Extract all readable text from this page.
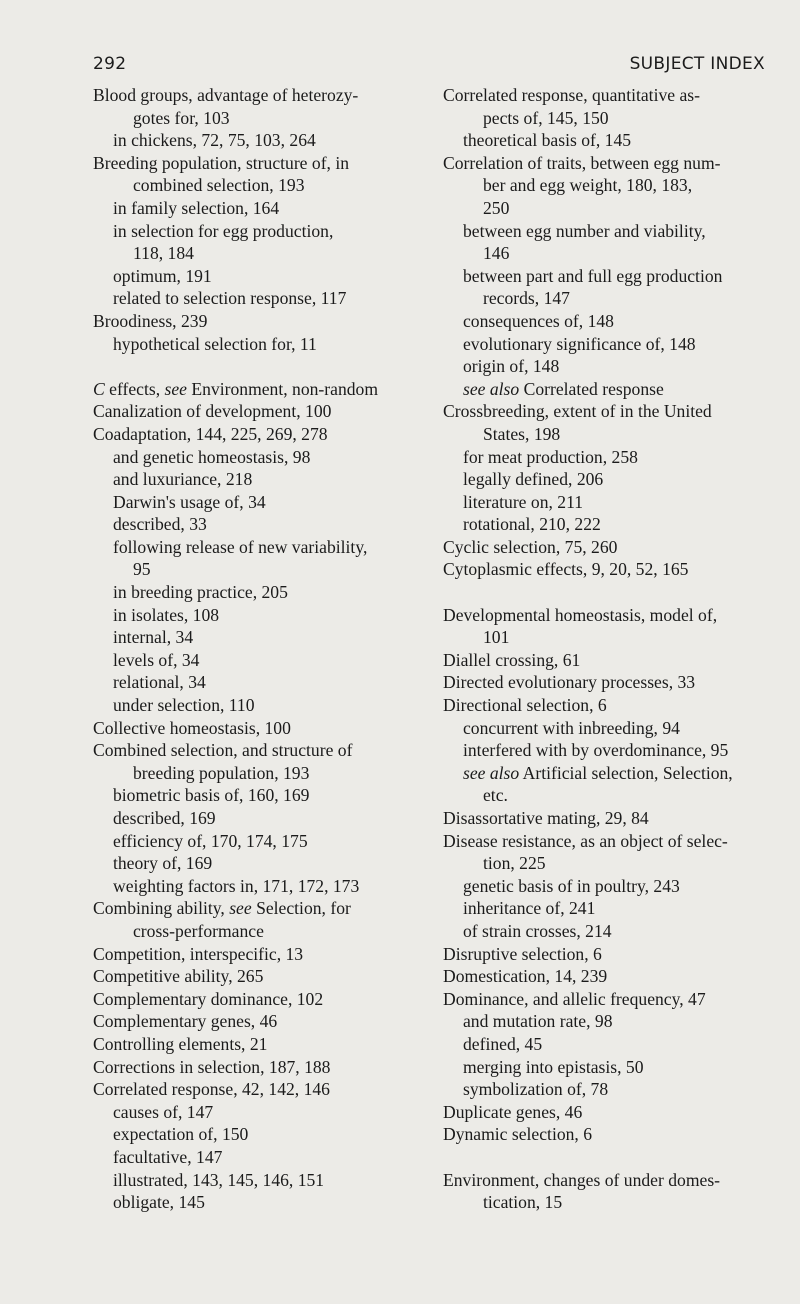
292	SUBJECT INDEX
Blood groups, advantage of heterozy-
gotes for, 103
in chickens, 72, 75, 103, 264
Breeding population, structure of, in
combined selection, 193
in family selection, 164
in selection for egg production,
118, 184
optimum, 191
related to selection response, 117
Broodiness, 239
hypothetical selection for, 11
C effects, see Environment, non-random
Canalization of development, 100
Coadaptation, 144, 225, 269, 278
and genetic homeostasis, 98
and luxuriance, 218
Darwin's usage of, 34
described, 33
following release of new variability,
95
in breeding practice, 205
in isolates, 108
internal, 34
levels of, 34
relational, 34
under selection, 110
Collective homeostasis, 100
Combined selection, and structure of
breeding population, 193
biometric basis of, 160, 169
described, 169
efficiency of, 170, 174, 175
theory of, 169
weighting factors in, 171, 172, 173
Combining ability, see Selection, for
cross-performance
Competition, interspecific, 13
Competitive ability, 265
Complementary dominance, 102
Complementary genes, 46
Controlling elements, 21
Corrections in selection, 187, 188
Correlated response, 42, 142, 146
causes of, 147
expectation of, 150
facultative, 147
illustrated, 143, 145, 146, 151
obligate, 145
Correlated response, quantitative as-
pects of, 145, 150
theoretical basis of, 145
Correlation of traits, between egg num-
ber and egg weight, 180, 183,
250
between egg number and viability,
146
between part and full egg production
records, 147
consequences of, 148
evolutionary significance of, 148
origin of, 148
see also Correlated response
Crossbreeding, extent of in the United
States, 198
for meat production, 258
legally defined, 206
literature on, 211
rotational, 210, 222
Cyclic selection, 75, 260
Cytoplasmic effects, 9, 20, 52, 165
Developmental homeostasis, model of,
101
Diallel crossing, 61
Directed evolutionary processes, 33
Directional selection, 6
concurrent with inbreeding, 94
interfered with by overdominance, 95
see also Artificial selection, Selection,
etc.
Disassortative mating, 29, 84
Disease resistance, as an object of selec-
tion, 225
genetic basis of in poultry, 243
inheritance of, 241
of strain crosses, 214
Disruptive selection, 6
Domestication, 14, 239
Dominance, and allelic frequency, 47
and mutation rate, 98
defined, 45
merging into epistasis, 50
symbolization of, 78
Duplicate genes, 46
Dynamic selection, 6
Environment, changes of under domes-
tication, 15
